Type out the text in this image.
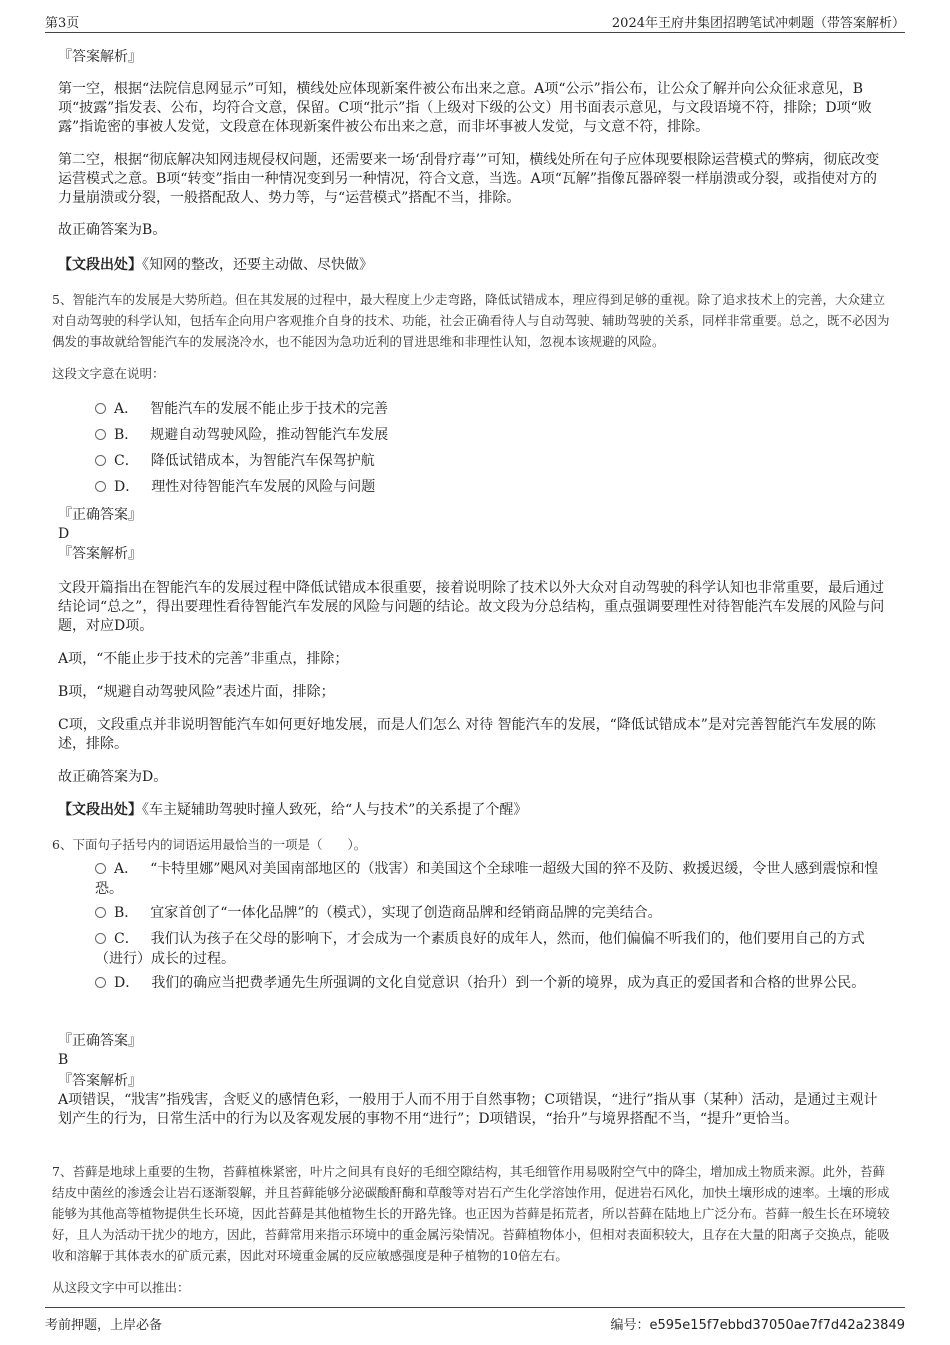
第3页	2024年王府井集团招聘笔试冲刺题（带答案解析）
『答案解析』
第一空，根据“法院信息网显示”可知，横线处应体现新案件被公布出来之意。A项“公示”指公布，让公众了解并向公众征求意见，B项“披露”指发表、公布，均符合文意，保留。C项“批示”指（上级对下级的公文）用书面表示意见，与文段语境不符，排除；D项“败露”指诡密的事被人发觉，文段意在体现新案件被公布出来之意，而非坏事被人发觉，与文意不符，排除。
第二空，根据“彻底解决知网违规侵权问题，还需要来一场‘刮骨疗毒’”可知，横线处所在句子应体现要根除运营模式的弊病，彻底改变运营模式之意。B项“转变”指由一种情况变到另一种情况，符合文意，当选。A项“瓦解”指像瓦器碎裂一样崩溃或分裂，或指使对方的力量崩溃或分裂，一般搭配敌人、势力等，与“运营模式”搭配不当，排除。
故正确答案为B。
【文段出处】《知网的整改，还要主动做、尽快做》
5、智能汽车的发展是大势所趋。但在其发展的过程中，最大程度上少走弯路，降低试错成本，理应得到足够的重视。除了追求技术上的完善，大众建立对自动驾驶的科学认知，包括车企向用户客观推介自身的技术、功能，社会正确看待人与自动驾驶、辅助驾驶的关系，同样非常重要。总之，既不必因为偶发的事故就给智能汽车的发展浇冷水，也不能因为急功近利的冒进思维和非理性认知，忽视本该规避的风险。
这段文字意在说明：
A． 智能汽车的发展不能止步于技术的完善
B． 规避自动驾驶风险，推动智能汽车发展
C． 降低试错成本，为智能汽车保驾护航
D． 理性对待智能汽车发展的风险与问题
『正确答案』
D
『答案解析』
文段开篇指出在智能汽车的发展过程中降低试错成本很重要，接着说明除了技术以外大众对自动驾驶的科学认知也非常重要，最后通过结论词“总之”，得出要理性看待智能汽车发展的风险与问题的结论。故文段为分总结构，重点强调要理性对待智能汽车发展的风险与问题，对应D项。
A项，“不能止步于技术的完善”非重点，排除；
B项，“规避自动驾驶风险”表述片面，排除；
C项，文段重点并非说明智能汽车如何更好地发展，而是人们怎么 对待 智能汽车的发展，“降低试错成本”是对完善智能汽车发展的陈述，排除。
故正确答案为D。
【文段出处】《车主疑辅助驾驶时撞人致死，给“人与技术”的关系提了个醒》
6、下面句子括号内的词语运用最恰当的一项是（　　）。
A． “卡特里娜”飓风对美国南部地区的（戕害）和美国这个全球唯一超级大国的猝不及防、救援迟缓，令世人感到震惊和惶恐。
B． 宜家首创了“一体化品牌”的（模式），实现了创造商品牌和经销商品牌的完美结合。
C． 我们认为孩子在父母的影响下，才会成为一个素质良好的成年人，然而，他们偏偏不听我们的，他们要用自己的方式（进行）成长的过程。
D． 我们的确应当把费孝通先生所强调的文化自觉意识（抬升）到一个新的境界，成为真正的爱国者和合格的世界公民。
『正确答案』
B
『答案解析』
A项错误，“戕害”指残害，含贬义的感情色彩，一般用于人而不用于自然事物；C项错误，“进行”指从事（某种）活动，是通过主观计划产生的行为，日常生活中的行为以及客观发展的事物不用“进行”；D项错误，“抬升”与境界搭配不当，“提升”更恰当。
7、苔藓是地球上重要的生物，苔藓植株紧密，叶片之间具有良好的毛细空隙结构，其毛细管作用易吸附空气中的降尘，增加成土物质来源。此外，苔藓结皮中菌丝的渗透会让岩石逐渐裂解，并且苔藓能够分泌碳酸酐酶和草酸等对岩石产生化学溶蚀作用，促进岩石风化，加快土壤形成的速率。土壤的形成能够为其他高等植物提供生长环境，因此苔藓是其他植物生长的开路先锋。也正因为苔藓是拓荒者，所以苔藓在陆地上广泛分布。苔藓一般生长在环境较好，且人为活动干扰少的地方，因此，苔藓常用来指示环境中的重金属污染情况。苔藓植物体小，但相对表面积较大，且存在大量的阳离子交换点，能吸收和溶解于其体表水的矿质元素，因此对环境重金属的反应敏感强度是种子植物的10倍左右。
从这段文字中可以推出：
考前押题，上岸必备	编号：e595e15f7ebbd37050ae7f7d42a23849
